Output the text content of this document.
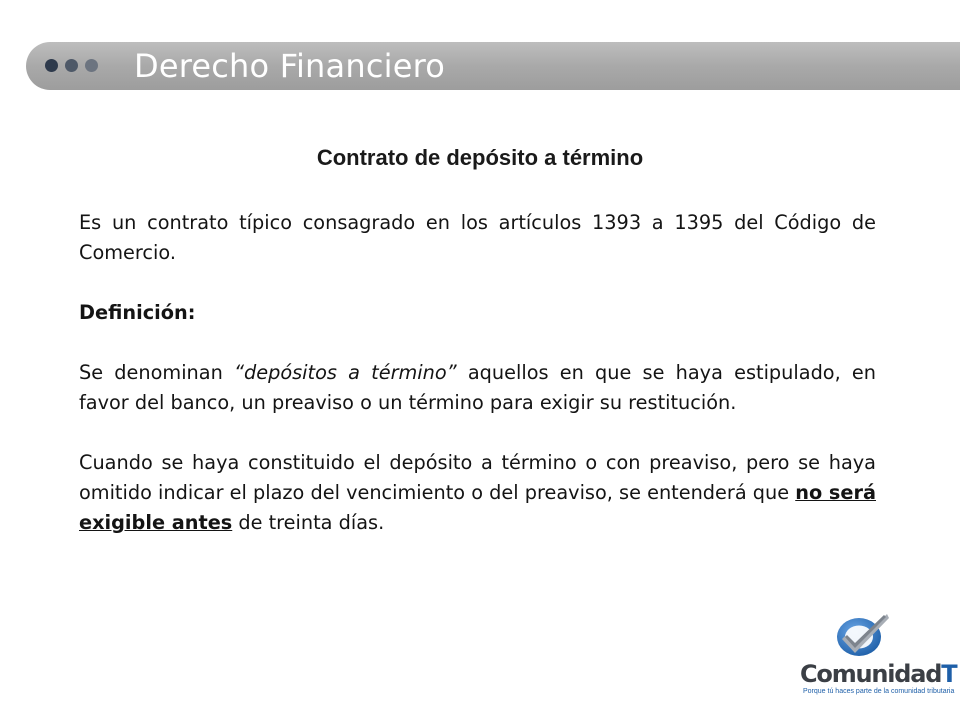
Derecho Financiero
Contrato de depósito a término

Es un contrato típico consagrado en los artículos 1393 a 1395 del Código de Comercio.

Definición:

Se denominan “depósitos a término” aquellos en que se haya estipulado, en favor del banco, un preaviso o un término para exigir su restitución.

Cuando se haya constituido el depósito a término o con preaviso, pero se haya omitido indicar el plazo del vencimiento o del preaviso, se entenderá que no será exigible antes de treinta días.

ComunidadT
Porque tú haces parte de la comunidad tributaria
